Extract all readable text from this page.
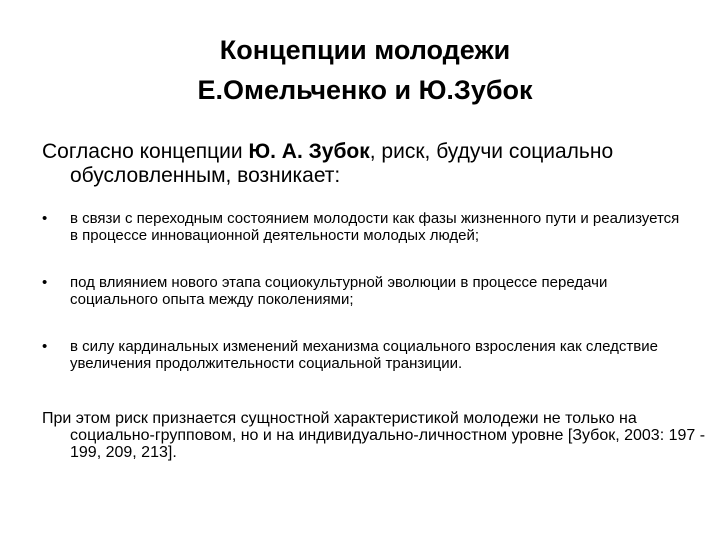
Концепции молодежи
Е.Омельченко и Ю.Зубок
Согласно концепции Ю. А. Зубок, риск, будучи социально обусловленным, возникает:
•	в связи с переходным состоянием молодости как фазы жизненного пути и реализуется в процессе инновационной деятельности молодых людей;
•	под влиянием нового этапа социокультурной эволюции в процессе передачи социального опыта между поколениями;
•	в силу кардинальных изменений механизма социального взросления как следствие увеличения продолжительности социальной транзиции.
При этом риск признается сущностной характеристикой молодежи не только на социально-групповом, но и на индивидуально-личностном уровне [Зубок, 2003: 197 - 199, 209, 213].
